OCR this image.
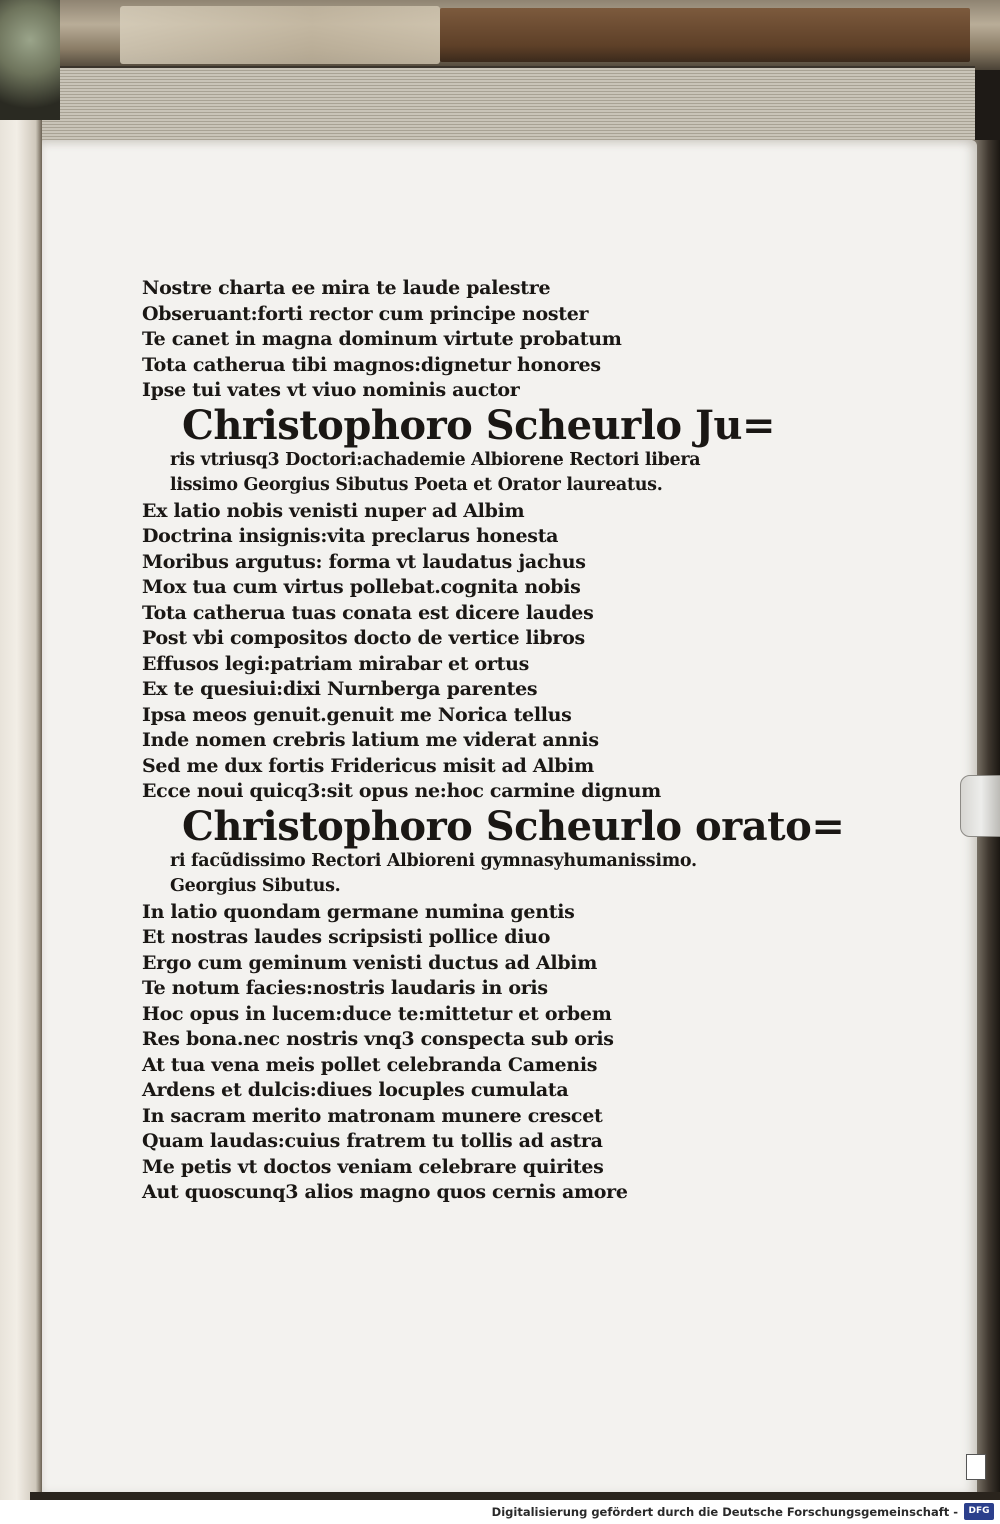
Nostre charta ee mira te laude palestre
Obseruant:forti rector cum principe noster
Te canet in magna dominum virtute probatum
Tota catherua tibi magnos:dignetur honores
Ipse tui vates vt viuo nominis auctor
Christophoro Scheurlo Ju=
ris vtriusq3 Doctori:achademie Albiorene Rectori libera
lissimo Georgius Sibutus Poeta et Orator laureatus.
Ex latio nobis venisti nuper ad Albim
Doctrina insignis:vita preclarus honesta
Moribus argutus: forma vt laudatus jachus
Mox tua cum virtus pollebat.cognita nobis
Tota catherua tuas conata est dicere laudes
Post vbi compositos docto de vertice libros
Effusos legi:patriam mirabar et ortus
Ex te quesiui:dixi Nurnberga parentes
Ipsa meos genuit.genuit me Norica tellus
Inde nomen crebris latium me viderat annis
Sed me dux fortis Fridericus misit ad Albim
Ecce noui quicq3:sit opus ne:hoc carmine dignum
Christophoro Scheurlo orato=
ri facũdissimo Rectori Albioreni gymnasyhumanissimo.
Georgius Sibutus.
In latio quondam germane numina gentis
Et nostras laudes scripsisti pollice diuo
Ergo cum geminum venisti ductus ad Albim
Te notum facies:nostris laudaris in oris
Hoc opus in lucem:duce te:mittetur et orbem
Res bona.nec nostris vnq3 conspecta sub oris
At tua vena meis pollet celebranda Camenis
Ardens et dulcis:diues locuples cumulata
In sacram merito matronam munere crescet
Quam laudas:cuius fratrem tu tollis ad astra
Me petis vt doctos veniam celebrare quirites
Aut quoscunq3 alios magno quos cernis amore
Digitalisierung gefördert durch die Deutsche Forschungsgemeinschaft -	DFG
